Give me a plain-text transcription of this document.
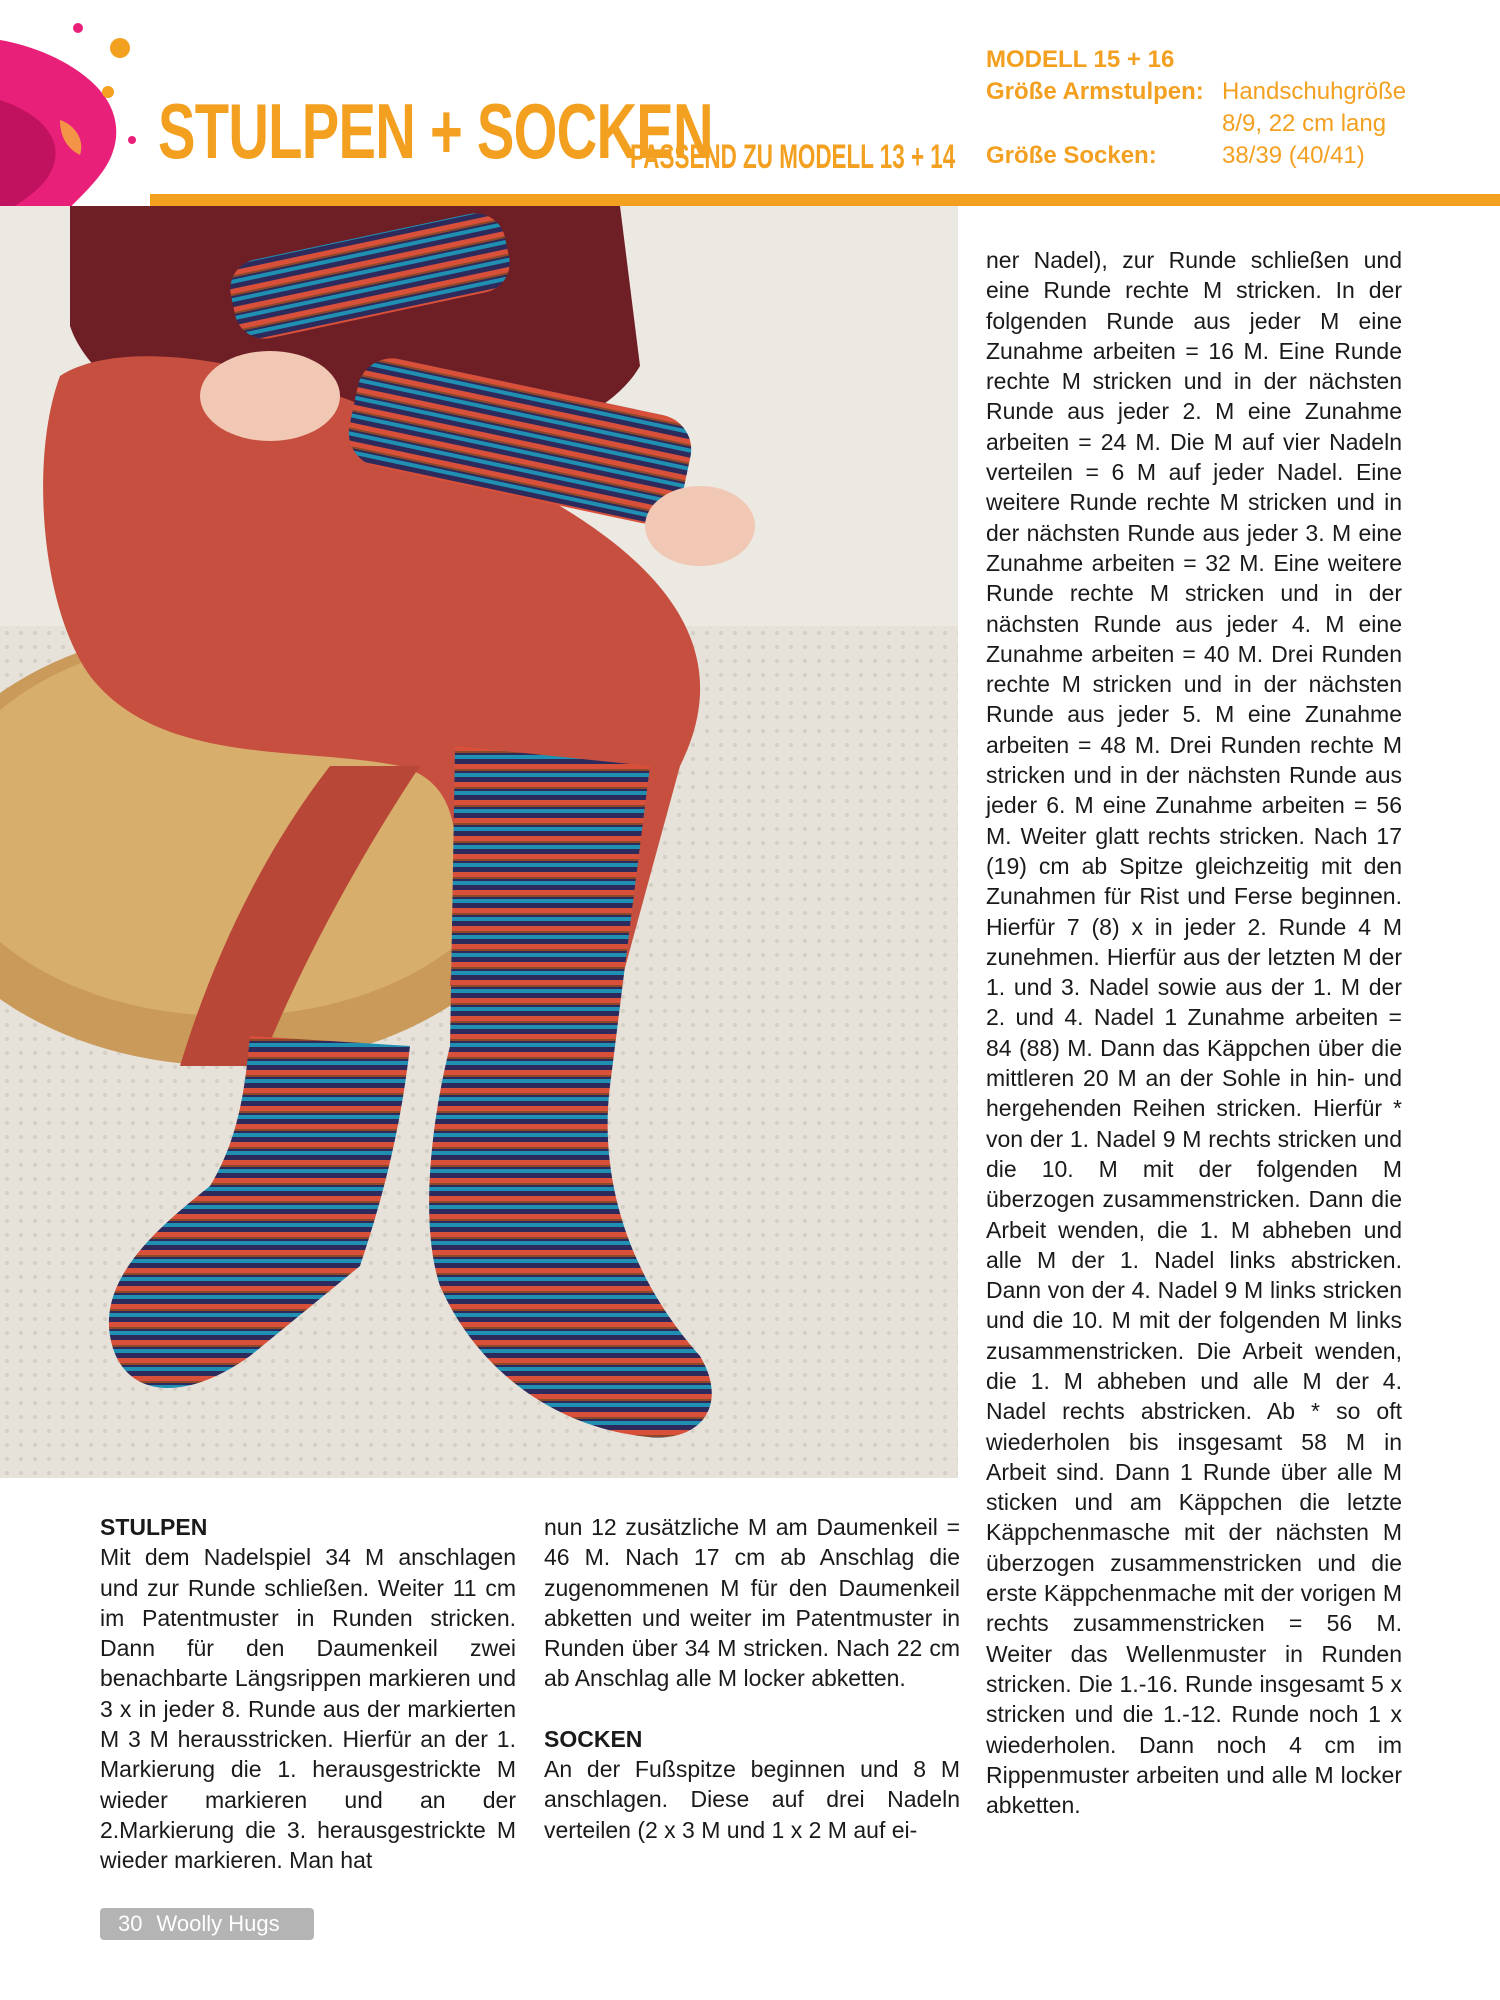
STULPEN + SOCKEN
PASSEND ZU MODELL 13 + 14
MODELL 15 + 16
Größe Armstulpen: Handschuhgröße 8/9, 22 cm lang
Größe Socken:	38/39 (40/41)

STULPEN

Mit dem Nadelspiel 34 M anschlagen und zur Runde schließen. Weiter 11 cm im Patentmuster in Runden stricken. Dann für den Daumenkeil zwei benachbarte Längsrippen markieren und 3 x in jeder 8. Runde aus der markierten M 3 M herausstricken. Hierfür an der 1. Markierung die 1. herausgestrickte M wieder markieren und an der 2.Markierung die 3. herausgestrickte M wieder markieren. Man hat

nun 12 zusätzliche M am Daumenkeil = 46 M. Nach 17 cm ab Anschlag die zugenommenen M für den Daumenkeil abketten und weiter im Patentmuster in Runden über 34 M stricken. Nach 22 cm ab Anschlag alle M locker abketten.

SOCKEN

An der Fußspitze beginnen und 8 M anschlagen. Diese auf drei Nadeln verteilen (2 x 3 M und 1 x 2 M auf ei-

ner Nadel), zur Runde schließen und eine Runde rechte M stricken. In der folgenden Runde aus jeder M eine Zunahme arbeiten = 16 M. Eine Runde rechte M stricken und in der nächsten Runde aus jeder 2. M eine Zunahme arbeiten = 24 M. Die M auf vier Nadeln verteilen = 6 M auf jeder Nadel. Eine weitere Runde rechte M stricken und in der nächsten Runde aus jeder 3. M eine Zunahme arbeiten = 32 M. Eine weitere Runde rechte M stricken und in der nächsten Runde aus jeder 4. M eine Zunahme arbeiten = 40 M. Drei Runden rechte M stricken und in der nächsten Runde aus jeder 5. M eine Zunahme arbeiten = 48 M. Drei Runden rechte M stricken und in der nächsten Runde aus jeder 6. M eine Zunahme arbeiten = 56 M. Weiter glatt rechts stricken. Nach 17 (19) cm ab Spitze gleichzeitig mit den Zunahmen für Rist und Ferse beginnen. Hierfür 7 (8) x in jeder 2. Runde 4 M zunehmen. Hierfür aus der letzten M der 1. und 3. Nadel sowie aus der 1. M der 2. und 4. Nadel 1 Zunahme arbeiten = 84 (88) M. Dann das Käppchen über die mittleren 20 M an der Sohle in hin- und hergehenden Reihen stricken. Hierfür * von der 1. Nadel 9 M rechts stricken und die 10. M mit der folgenden M überzogen zusammenstricken. Dann die Arbeit wenden, die 1. M abheben und alle M der 1. Nadel links abstricken. Dann von der 4. Nadel 9 M links stricken und die 10. M mit der folgenden M links zusammenstricken. Die Arbeit wenden, die 1. M abheben und alle M der 4. Nadel rechts abstricken. Ab * so oft wiederholen bis insgesamt 58 M in Arbeit sind. Dann 1 Runde über alle M sticken und am Käppchen die letzte Käppchenmasche mit der nächsten M überzogen zusammenstricken und die erste Käppchenmache mit der vorigen M rechts zusammenstricken = 56 M. Weiter das Wellenmuster in Runden stricken. Die 1.-16. Runde insgesamt 5 x stricken und die 1.-12. Runde noch 1 x wiederholen. Dann noch 4 cm im Rippenmuster arbeiten und alle M locker abketten.

30 Woolly Hugs
